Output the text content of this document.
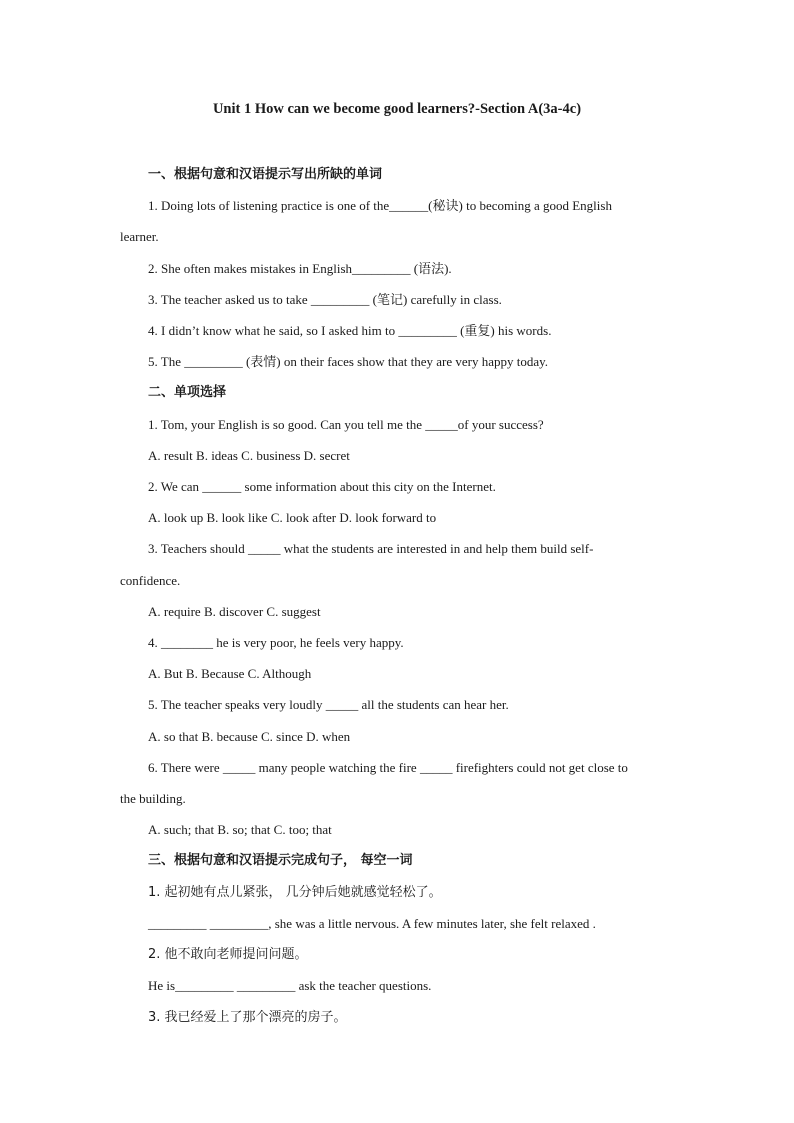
Unit 1 How can we become good learners?-Section A(3a-4c)
一、根据句意和汉语提示写出所缺的单词
1. Doing lots of listening practice is one of the______(秘诀) to becoming a good English
learner.
2. She often makes mistakes in English_________ (语法).
3. The teacher asked us to take _________ (笔记) carefully in class.
4. I didn’t know what he said, so I asked him to _________ (重复) his words.
5. The _________ (表情) on their faces show that they are very happy today.
二、单项选择
1. Tom, your English is so good. Can you tell me the _____of your success?
A. result B. ideas C. business D. secret
2. We can ______ some information about this city on the Internet.
A. look up B. look like C. look after D. look forward to
3. Teachers should _____ what the students are interested in and help them build self-
confidence.
A. require B. discover C. suggest
4. ________ he is very poor, he feels very happy.
A. But B. Because C. Although
5. The teacher speaks very loudly _____ all the students can hear her.
A. so that B. because C. since D. when
6. There were _____ many people watching the fire _____ firefighters could not get close to
the building.
A. such; that B. so; that C. too; that
三、根据句意和汉语提示完成句子， 每空一词
1. 起初她有点儿紧张， 几分钟后她就感觉轻松了。
_________ _________, she was a little nervous. A few minutes later, she felt relaxed .
2. 他不敢向老师提问问题。
He is_________ _________ ask the teacher questions.
3. 我已经爱上了那个漂亮的房子。
